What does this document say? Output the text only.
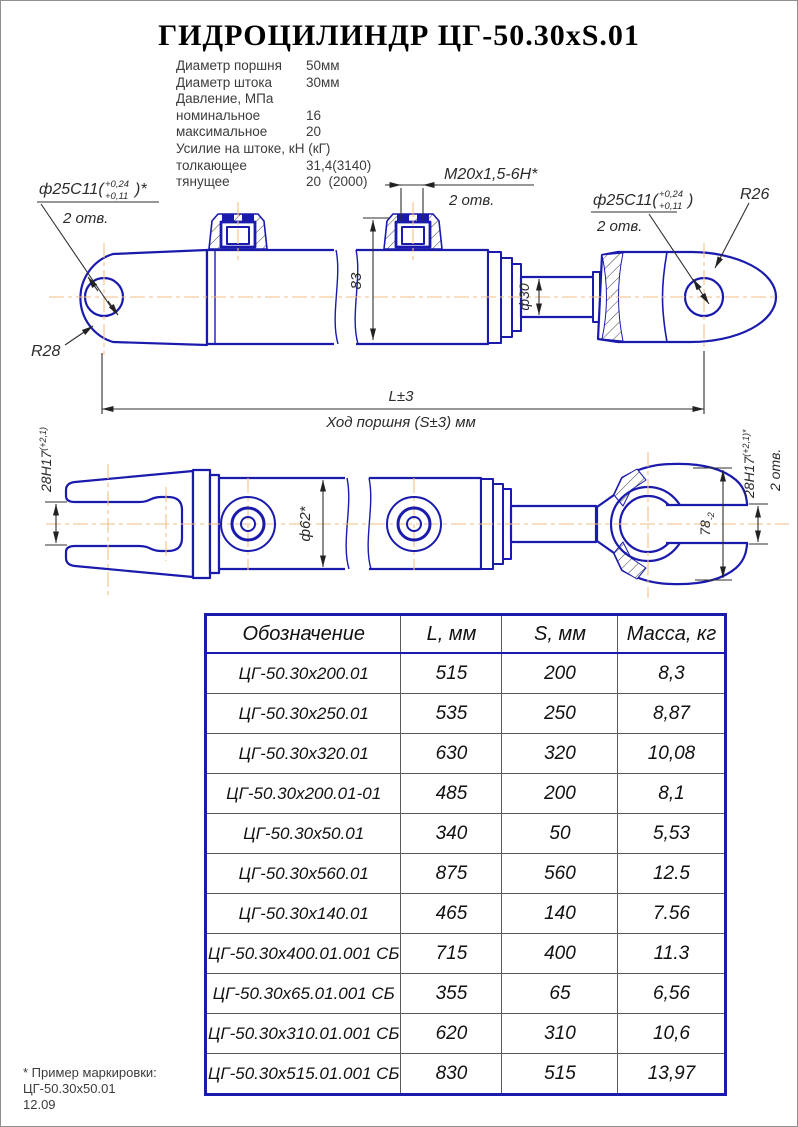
ГИДРОЦИЛИНДР ЦГ-50.30xS.01
Диаметр поршня	50мм
Диаметр штока	30мм
Давление, МПа
номинальное	16
максимальное	20
Усилие на штоке, кН (кГ)
толкающее	31,4(3140)
тянущее	20  (2000)
ф25С11( +0,24
+0,11 )*
2 отв.
M20x1,5-6H*
2 отв.	ф25С11( +0,24
+0,11 )
2 отв.
R26
R28
83
ф30
L±3
Ход поршня (S±3) мм
$28H17^{(+2,1)}$
ф62*	$78_{-2}$
$28H17^{(+2,1)*}$
2 отв.
Обозначение	L, мм	S, мм	Масса, кг
ЦГ-50.30х200.01	515	200	8,3
ЦГ-50.30х250.01	535	250	8,87
ЦГ-50.30х320.01	630	320	10,08
ЦГ-50.30х200.01-01	485	200	8,1
ЦГ-50.30х50.01	340	50	5,53
ЦГ-50.30х560.01	875	560	12.5
ЦГ-50.30х140.01	465	140	7.56
ЦГ-50.30х400.01.001 СБ	715	400	11.3
ЦГ-50.30х65.01.001 СБ	355	65	6,56
ЦГ-50.30х310.01.001 СБ	620	310	10,6
ЦГ-50.30х515.01.001 СБ	830	515	13,97
* Пример маркировки:
ЦГ-50.30x50.01
12.09
